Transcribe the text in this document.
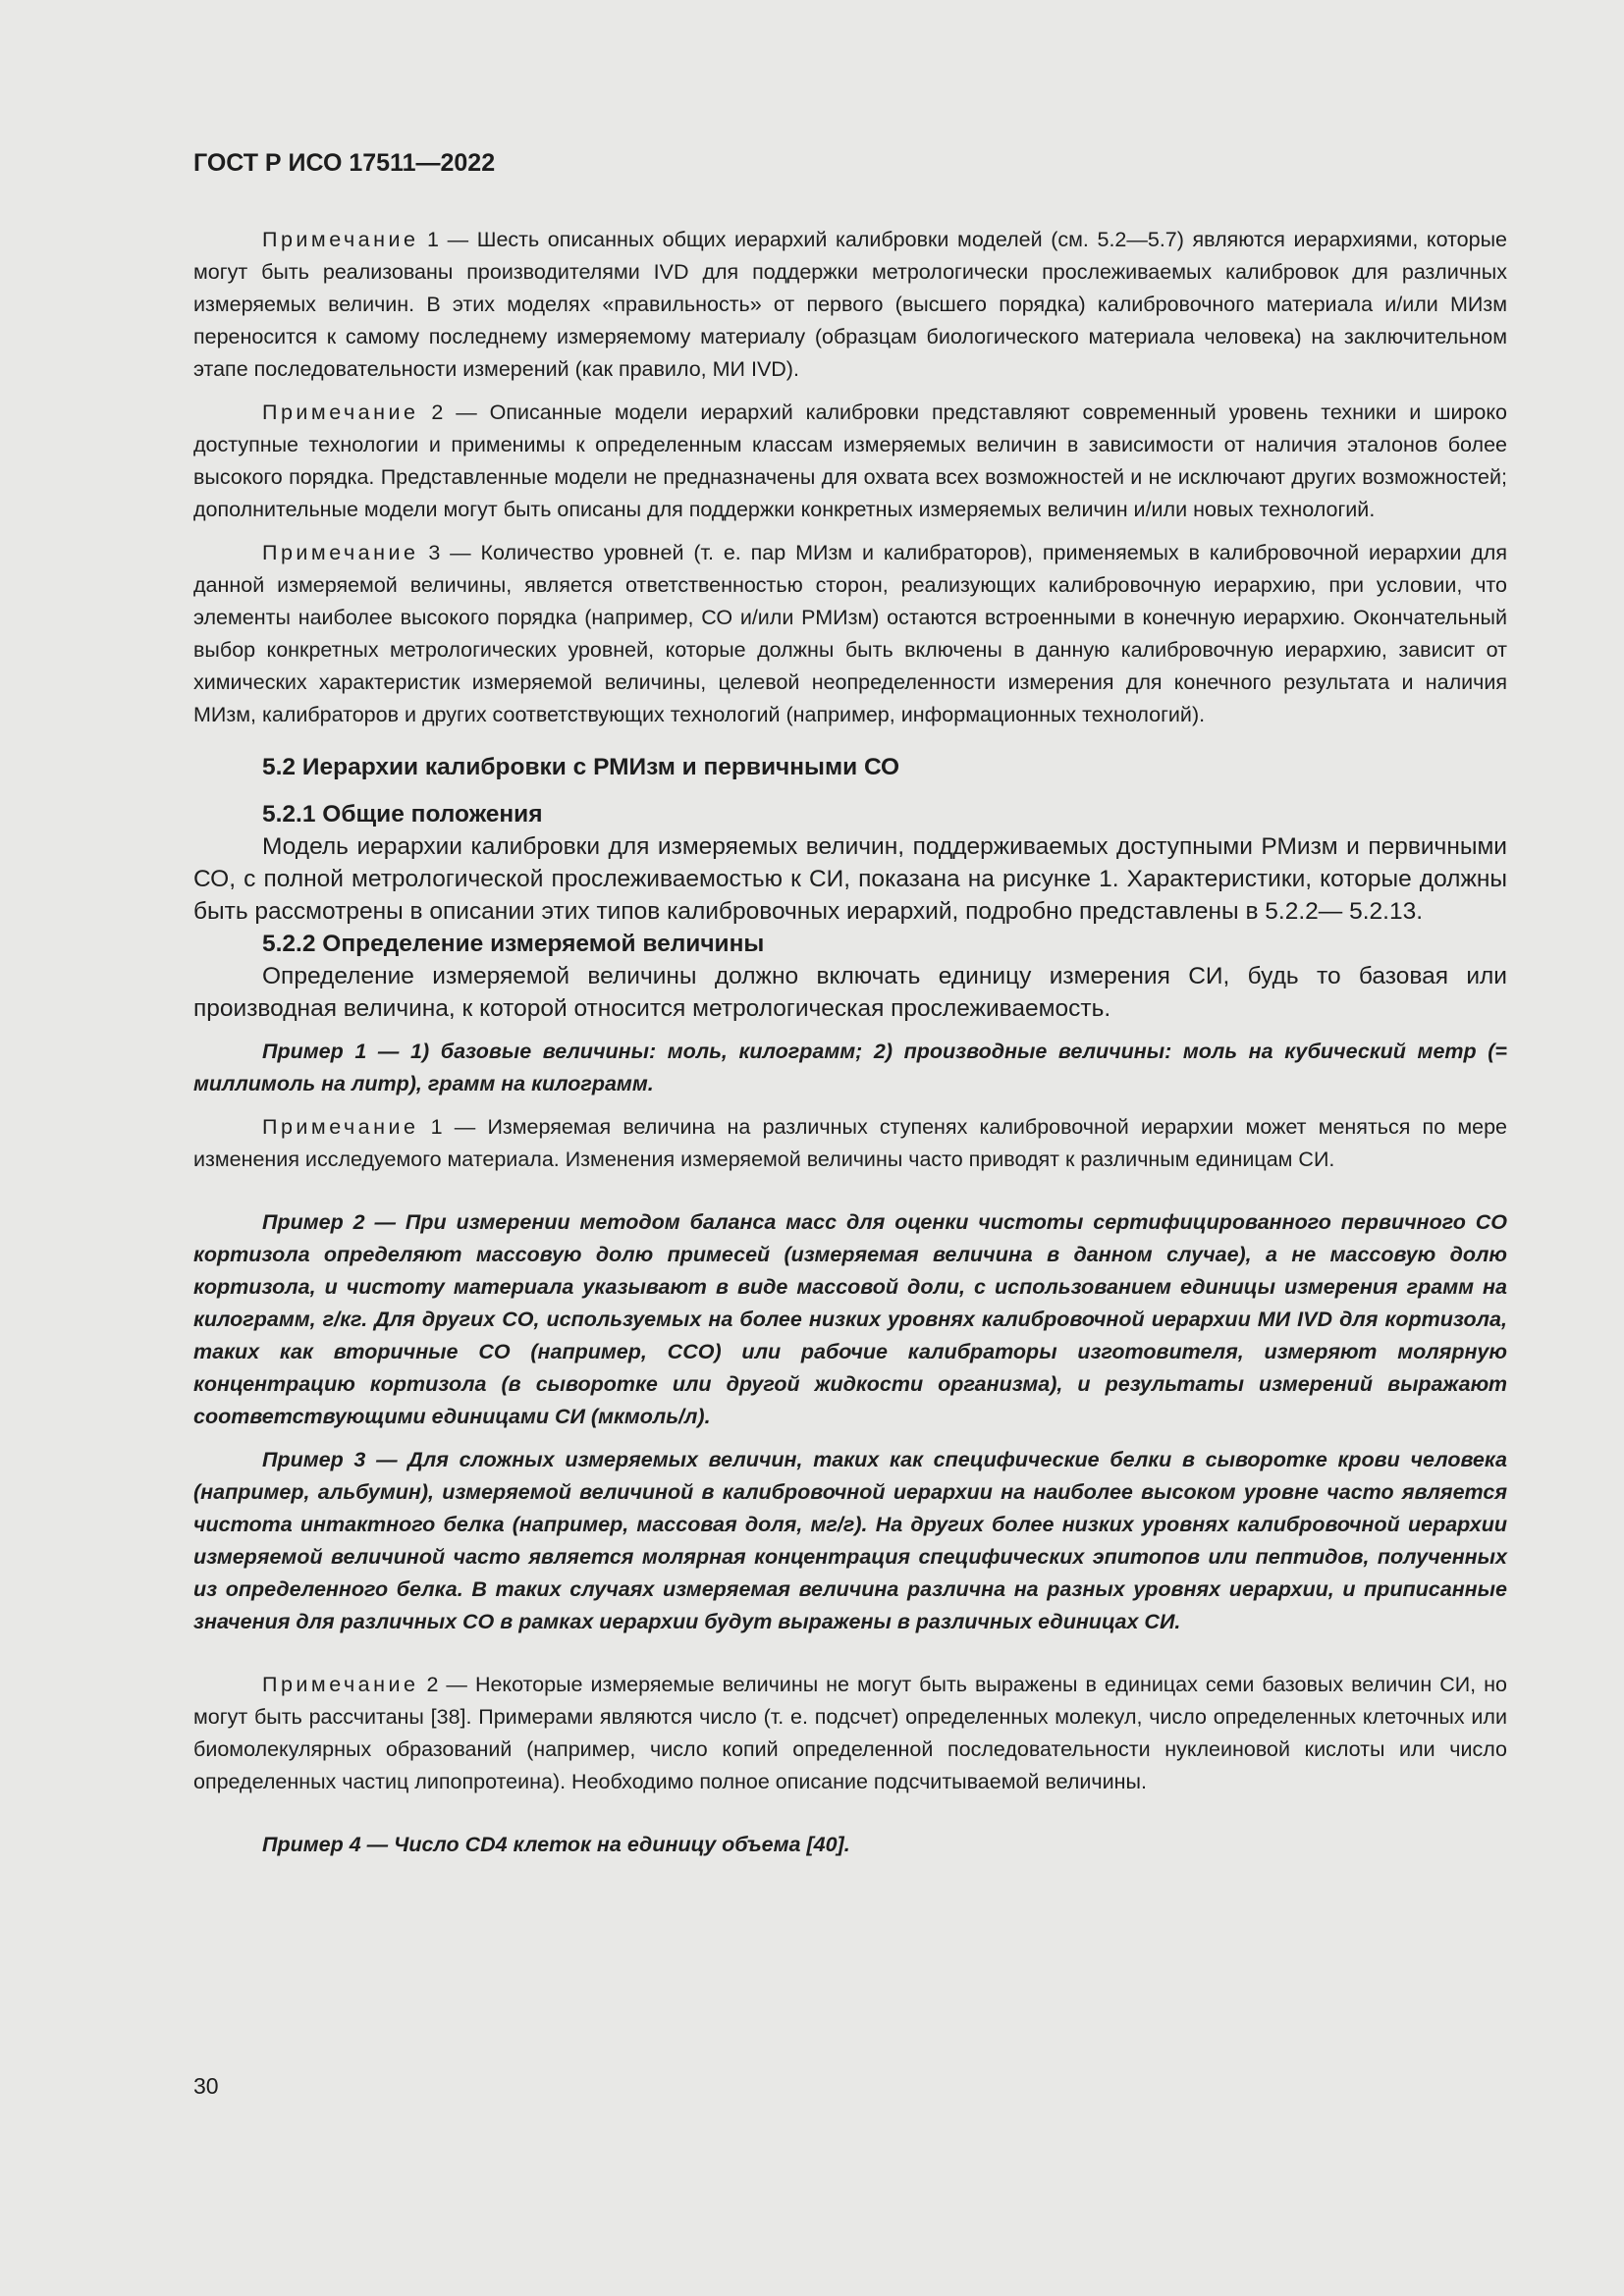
ГОСТ Р ИСО 17511—2022

Примечание 1 — Шесть описанных общих иерархий калибровки моделей (см. 5.2—5.7) являются иерархиями, которые могут быть реализованы производителями IVD для поддержки метрологически прослеживаемых калибровок для различных измеряемых величин. В этих моделях «правильность» от первого (высшего порядка) калибровочного материала и/или МИзм переносится к самому последнему измеряемому материалу (образцам биологического материала человека) на заключительном этапе последовательности измерений (как правило, МИ IVD).

Примечание 2 — Описанные модели иерархий калибровки представляют современный уровень техники и широко доступные технологии и применимы к определенным классам измеряемых величин в зависимости от наличия эталонов более высокого порядка. Представленные модели не предназначены для охвата всех возможностей и не исключают других возможностей; дополнительные модели могут быть описаны для поддержки конкретных измеряемых величин и/или новых технологий.

Примечание 3 — Количество уровней (т. е. пар МИзм и калибраторов), применяемых в калибровочной иерархии для данной измеряемой величины, является ответственностью сторон, реализующих калибровочную иерархию, при условии, что элементы наиболее высокого порядка (например, СО и/или РМИзм) остаются встроенными в конечную иерархию. Окончательный выбор конкретных метрологических уровней, которые должны быть включены в данную калибровочную иерархию, зависит от химических характеристик измеряемой величины, целевой неопределенности измерения для конечного результата и наличия МИзм, калибраторов и других соответствующих технологий (например, информационных технологий).

5.2 Иерархии калибровки с РМИзм и первичными СО

5.2.1 Общие положения

Модель иерархии калибровки для измеряемых величин, поддерживаемых доступными РМизм и первичными СО, с полной метрологической прослеживаемостью к СИ, показана на рисунке 1. Характеристики, которые должны быть рассмотрены в описании этих типов калибровочных иерархий, подробно представлены в 5.2.2— 5.2.13.

5.2.2 Определение измеряемой величины

Определение измеряемой величины должно включать единицу измерения СИ, будь то базовая или производная величина, к которой относится метрологическая прослеживаемость.

Пример 1 — 1) базовые величины: моль, килограмм; 2) производные величины: моль на кубический метр (= миллимоль на литр), грамм на килограмм.

Примечание 1 — Измеряемая величина на различных ступенях калибровочной иерархии может меняться по мере изменения исследуемого материала. Изменения измеряемой величины часто приводят к различным единицам СИ.

Пример 2 — При измерении методом баланса масс для оценки чистоты сертифицированного первичного СО кортизола определяют массовую долю примесей (измеряемая величина в данном случае), а не массовую долю кортизола, и чистоту материала указывают в виде массовой доли, с использованием единицы измерения грамм на килограмм, г/кг. Для других СО, используемых на более низких уровнях калибровочной иерархии МИ IVD для кортизола, таких как вторичные СО (например, ССО) или рабочие калибраторы изготовителя, измеряют молярную концентрацию кортизола (в сыворотке или другой жидкости организма), и результаты измерений выражают соответствующими единицами СИ (мкмоль/л).

Пример 3 — Для сложных измеряемых величин, таких как специфические белки в сыворотке крови человека (например, альбумин), измеряемой величиной в калибровочной иерархии на наиболее высоком уровне часто является чистота интактного белка (например, массовая доля, мг/г). На других более низких уровнях калибровочной иерархии измеряемой величиной часто является молярная концентрация специфических эпитопов или пептидов, полученных из определенного белка. В таких случаях измеряемая величина различна на разных уровнях иерархии, и приписанные значения для различных СО в рамках иерархии будут выражены в различных единицах СИ.

Примечание 2 — Некоторые измеряемые величины не могут быть выражены в единицах семи базовых величин СИ, но могут быть рассчитаны [38]. Примерами являются число (т. е. подсчет) определенных молекул, число определенных клеточных или биомолекулярных образований (например, число копий определенной последовательности нуклеиновой кислоты или число определенных частиц липопротеина). Необходимо полное описание подсчитываемой величины.

Пример 4 — Число CD4 клеток на единицу объема [40].

30
